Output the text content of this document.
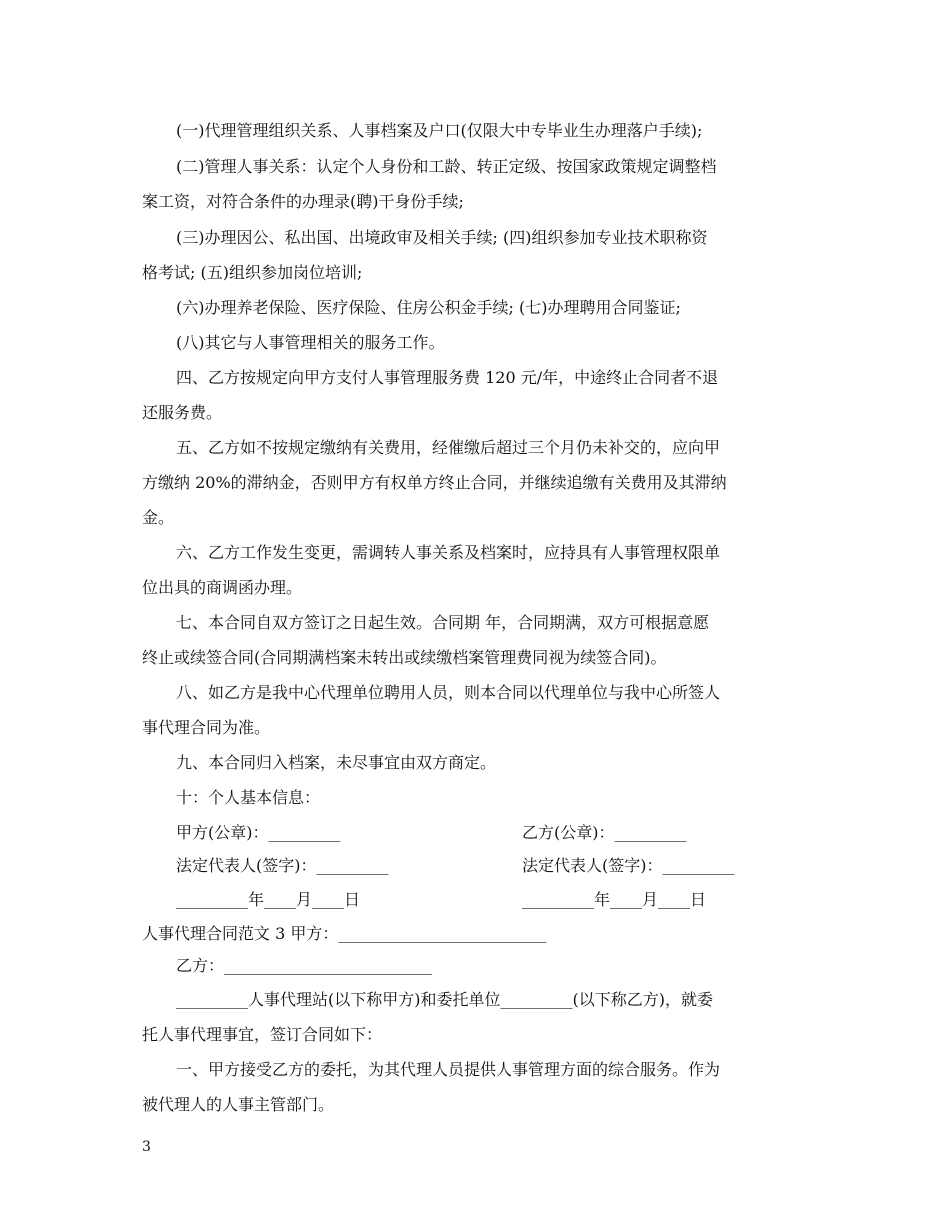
(一)代理管理组织关系、人事档案及户口(仅限大中专毕业生办理落户手续);
(二)管理人事关系：认定个人身份和工龄、转正定级、按国家政策规定调整档
案工资，对符合条件的办理录(聘)干身份手续;
(三)办理因公、私出国、出境政审及相关手续; (四)组织参加专业技术职称资
格考试; (五)组织参加岗位培训;
(六)办理养老保险、医疗保险、住房公积金手续; (七)办理聘用合同鉴证;
(八)其它与人事管理相关的服务工作。
四、乙方按规定向甲方支付人事管理服务费 120 元/年，中途终止合同者不退
还服务费。
五、乙方如不按规定缴纳有关费用，经催缴后超过三个月仍未补交的，应向甲
方缴纳 20%的滞纳金，否则甲方有权单方终止合同，并继续追缴有关费用及其滞纳
金。
六、乙方工作发生变更，需调转人事关系及档案时，应持具有人事管理权限单
位出具的商调函办理。
七、本合同自双方签订之日起生效。合同期 年，合同期满，双方可根据意愿
终止或续签合同(合同期满档案未转出或续缴档案管理费同视为续签合同)。
八、如乙方是我中心代理单位聘用人员，则本合同以代理单位与我中心所签人
事代理合同为准。
九、本合同归入档案，未尽事宜由双方商定。
十：个人基本信息：
甲方(公章)：_________	乙方(公章)：_________
法定代表人(签字)：_________	法定代表人(签字)：_________
_________年____月____日	_________年____月____日
人事代理合同范文 3 甲方：__________________________
乙方：__________________________
_________人事代理站(以下称甲方)和委托单位_________(以下称乙方)，就委
托人事代理事宜，签订合同如下：
一、甲方接受乙方的委托，为其代理人员提供人事管理方面的综合服务。作为
被代理人的人事主管部门。
3
